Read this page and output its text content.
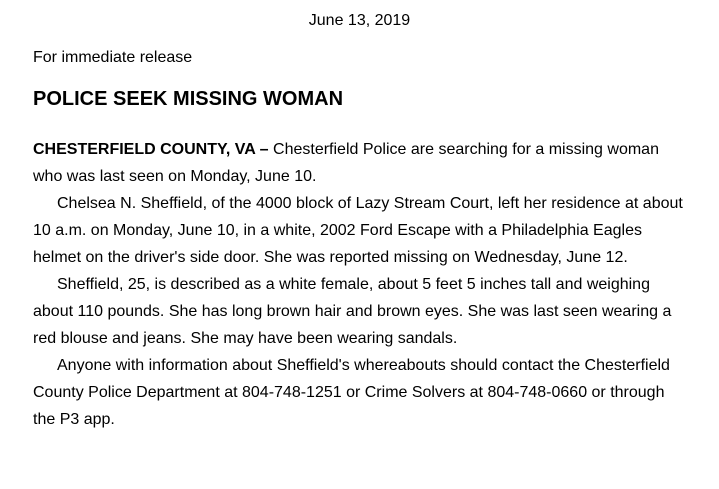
June 13, 2019
For immediate release
POLICE SEEK MISSING WOMAN

CHESTERFIELD COUNTY, VA – Chesterfield Police are searching for a missing woman who was last seen on Monday, June 10.

Chelsea N. Sheffield, of the 4000 block of Lazy Stream Court, left her residence at about 10 a.m. on Monday, June 10, in a white, 2002 Ford Escape with a Philadelphia Eagles helmet on the driver's side door. She was reported missing on Wednesday, June 12.

Sheffield, 25, is described as a white female, about 5 feet 5 inches tall and weighing about 110 pounds. She has long brown hair and brown eyes. She was last seen wearing a red blouse and jeans. She may have been wearing sandals.

Anyone with information about Sheffield's whereabouts should contact the Chesterfield County Police Department at 804-748-1251 or Crime Solvers at 804-748-0660 or through the P3 app.
